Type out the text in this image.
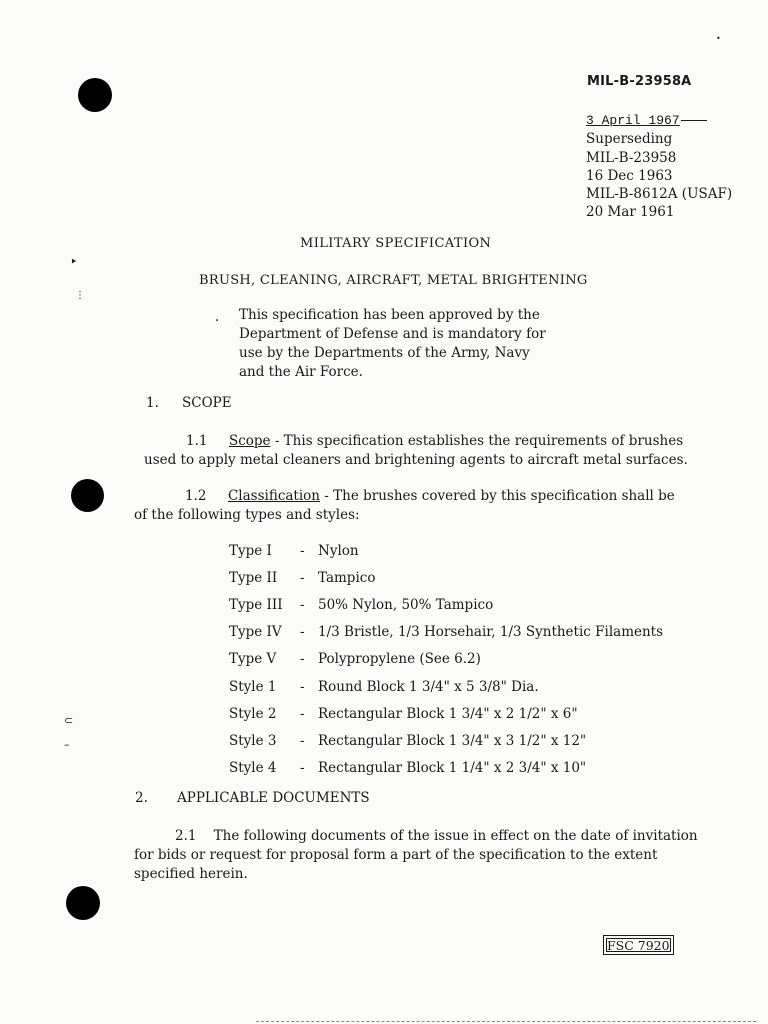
‣
⋮
⊂
–
•
MIL-B-23958A
3 April 1967
Superseding
MIL-B-23958
16 Dec 1963
MIL-B-8612A (USAF)
20 Mar 1961
MILITARY SPECIFICATION
BRUSH, CLEANING, AIRCRAFT, METAL BRIGHTENING
. This specification has been approved by the
Department of Defense and is mandatory for
use by the Departments of the Army, Navy
and the Air Force.
1. SCOPE
1.1 Scope - This specification establishes the requirements of brushes used to apply metal cleaners and brightening agents to aircraft metal surfaces.
1.2 Classification - The brushes covered by this specification shall be of the following types and styles:
Type I	-	Nylon
Type II	-	Tampico
Type III	-	50% Nylon, 50% Tampico
Type IV	-	1/3 Bristle, 1/3 Horsehair, 1/3 Synthetic Filaments
Type V	-	Polypropylene (See 6.2)
Style 1	-	Round Block 1 3/4" x 5 3/8" Dia.
Style 2	-	Rectangular Block 1 3/4" x 2 1/2" x 6"
Style 3	-	Rectangular Block 1 3/4" x 3 1/2" x 12"
Style 4	-	Rectangular Block 1 1/4" x 2 3/4" x 10"
2. APPLICABLE DOCUMENTS
2.1 The following documents of the issue in effect on the date of invitation for bids or request for proposal form a part of the specification to the extent specified herein.
FSC 7920
